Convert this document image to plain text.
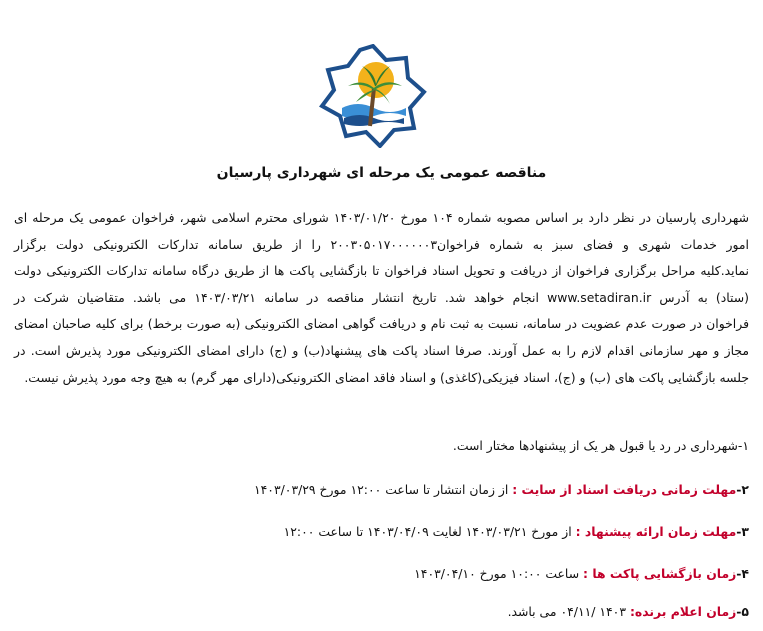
مناقصه عمومی یک مرحله ای شهرداری پارسیان
شهرداری پارسیان در نظر دارد بر اساس مصوبه شماره ۱۰۴ مورخ ۱۴۰۳/۰۱/۲۰ شورای محترم اسلامی شهر، فراخوان عمومی یک مرحله ای
امور خدمات شهری و فضای سبز به شماره فراخوان۲۰۰۳۰۵۰۱۷۰۰۰۰۰۰۳ را از طریق سامانه تدارکات الکترونیکی دولت برگزار
نماید.کلیه مراحل برگزاری فراخوان از دریافت و تحویل اسناد فراخوان تا بازگشایی پاکت ها از طریق درگاه سامانه تدارکات الکترونیکی دولت
(ستاد) به آدرس www.setadiran.ir انجام خواهد شد. تاریخ انتشار مناقصه در سامانه ۱۴۰۳/۰۳/۲۱ می باشد. متقاضیان شرکت در
فراخوان در صورت عدم عضویت در سامانه، نسبت به ثبت نام و دریافت گواهی امضای الکترونیکی (به صورت برخط) برای کلیه صاحبان امضای
مجاز و مهر سازمانی اقدام لازم را به عمل آورند. صرفا اسناد پاکت های پیشنهاد(ب) و (ج) دارای امضای الکترونیکی مورد پذیرش است. در
جلسه بازگشایی پاکت های (ب) و (ج)، اسناد فیزیکی(کاغذی) و اسناد فاقد امضای الکترونیکی(دارای مهر گرم) به هیچ وجه مورد پذیرش نیست.
۱-شهرداری در رد یا قبول هر یک از پیشنهادها مختار است.
۲-مهلت زمانی دریافت اسناد از سایت : از زمان انتشار تا ساعت ۱۲:۰۰ مورخ ۱۴۰۳/۰۳/۲۹
۳-مهلت زمان ارائه پیشنهاد : از مورخ ۱۴۰۳/۰۳/۲۱ لغایت ۱۴۰۳/۰۴/۰۹ تا ساعت ۱۲:۰۰
۴-زمان بازگشایی پاکت ها : ساعت ۱۰:۰۰ مورخ ۱۴۰۳/۰۴/۱۰
۵-زمان اعلام برنده: ۱۴۰۳ /۰۴/۱۱ می باشد.
